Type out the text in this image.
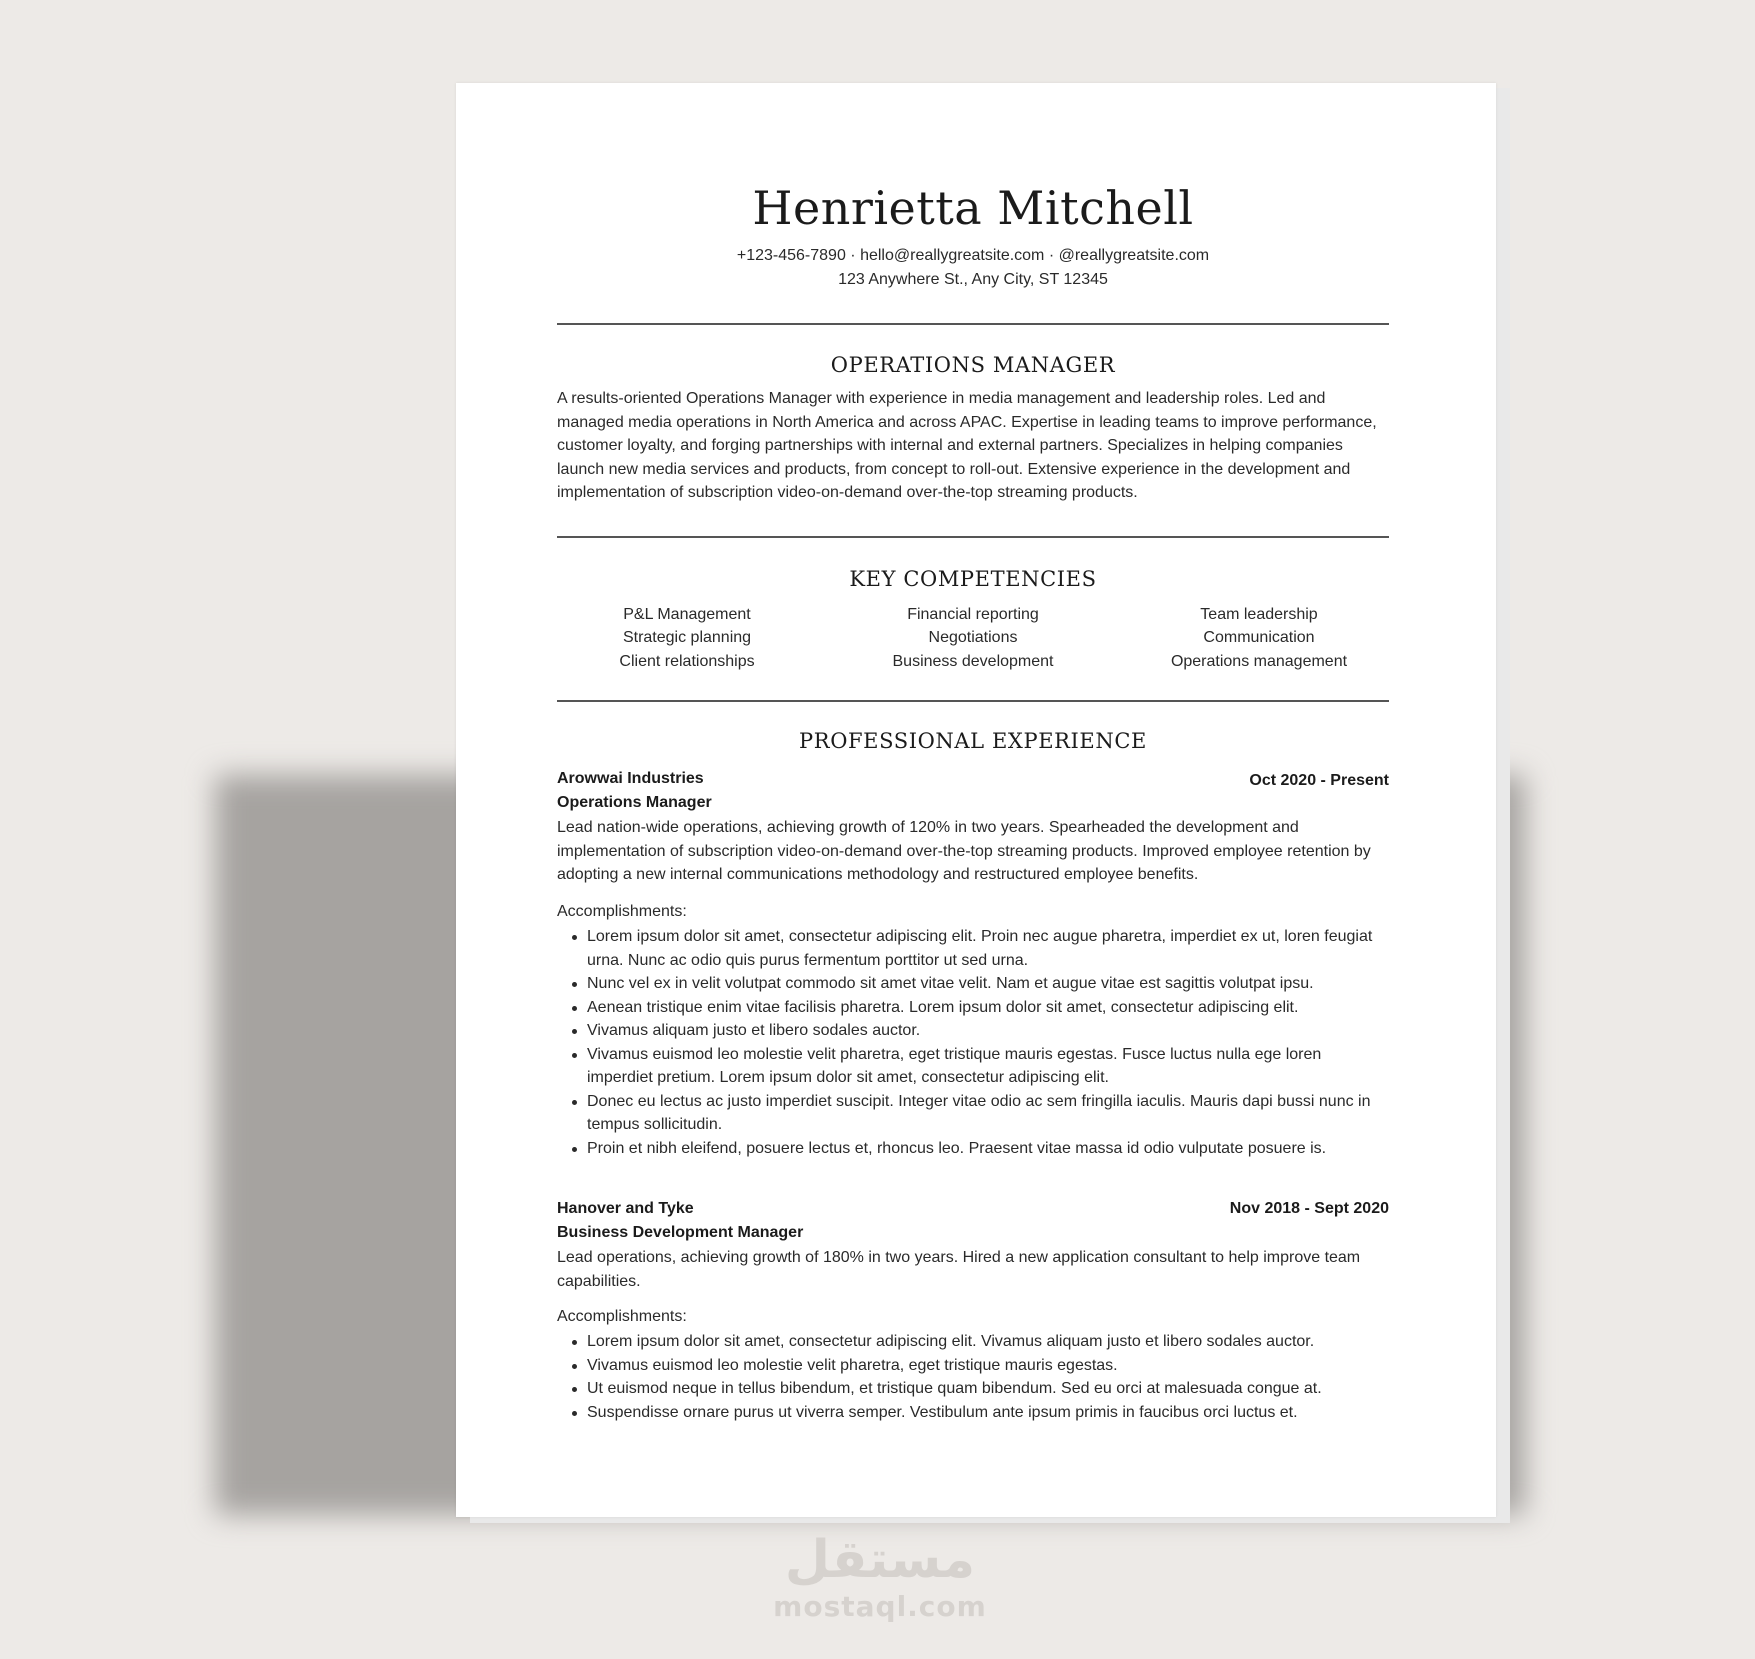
Henrietta Mitchell
+123-456-7890 · hello@reallygreatsite.com · @reallygreatsite.com
123 Anywhere St., Any City, ST 12345
OPERATIONS MANAGER

A results-oriented Operations Manager with experience in media management and leadership roles. Led and managed media operations in North America and across APAC. Expertise in leading teams to improve performance, customer loyalty, and forging partnerships with internal and external partners. Specializes in helping companies launch new media services and products, from concept to roll-out. Extensive experience in the development and implementation of subscription video-on-demand over-the-top streaming products.

KEY COMPETENCIES
P&L Management
Strategic planning
Client relationships
Financial reporting
Negotiations
Business development
Team leadership
Communication
Operations management
PROFESSIONAL EXPERIENCE
Arowwai Industries	Oct 2020 - Present
Operations Manager

Lead nation-wide operations, achieving growth of 120% in two years. Spearheaded the development and implementation of subscription video-on-demand over-the-top streaming products. Improved employee retention by adopting a new internal communications methodology and restructured employee benefits.

Accomplishments:
Lorem ipsum dolor sit amet, consectetur adipiscing elit. Proin nec augue pharetra, imperdiet ex ut, loren feugiat urna. Nunc ac odio quis purus fermentum porttitor ut sed urna.
Nunc vel ex in velit volutpat commodo sit amet vitae velit. Nam et augue vitae est sagittis volutpat ipsu.
Aenean tristique enim vitae facilisis pharetra. Lorem ipsum dolor sit amet, consectetur adipiscing elit.
Vivamus aliquam justo et libero sodales auctor.
Vivamus euismod leo molestie velit pharetra, eget tristique mauris egestas. Fusce luctus nulla ege loren imperdiet pretium. Lorem ipsum dolor sit amet, consectetur adipiscing elit.
Donec eu lectus ac justo imperdiet suscipit. Integer vitae odio ac sem fringilla iaculis. Mauris dapi bussi nunc in tempus sollicitudin.
Proin et nibh eleifend, posuere lectus et, rhoncus leo. Praesent vitae massa id odio vulputate posuere is.
Hanover and Tyke	Nov 2018 - Sept 2020
Business Development Manager

Lead operations, achieving growth of 180% in two years. Hired a new application consultant to help improve team capabilities.

Accomplishments:
Lorem ipsum dolor sit amet, consectetur adipiscing elit. Vivamus aliquam justo et libero sodales auctor.
Vivamus euismod leo molestie velit pharetra, eget tristique mauris egestas.
Ut euismod neque in tellus bibendum, et tristique quam bibendum. Sed eu orci at malesuada congue at.
Suspendisse ornare purus ut viverra semper. Vestibulum ante ipsum primis in faucibus orci luctus et.
مستقل
mostaql.com
